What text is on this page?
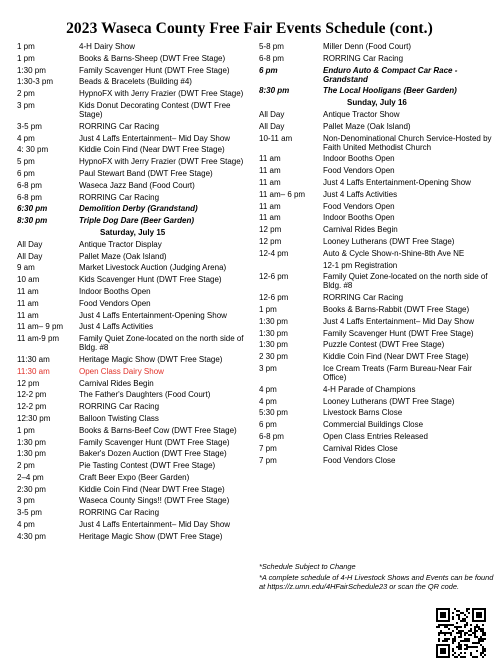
2023 Waseca County Free Fair Events Schedule (cont.)
1 pm	4-H Dairy Show
1 pm	Books & Barns-Sheep (DWT Free Stage)
1:30 pm	Family Scavenger Hunt (DWT Free Stage)
1:30-3 pm	Beads & Bracelets (Building #4)
2 pm	HypnoFX with Jerry Frazier (DWT Free Stage)
3 pm	Kids Donut Decorating Contest (DWT Free Stage)
3-5 pm	RORRING Car Racing
4 pm	Just 4 Laffs Entertainment– Mid Day Show
4: 30 pm	Kiddie Coin Find (Near DWT Free Stage)
5 pm	HypnoFX with Jerry Frazier (DWT Free Stage)
6 pm	Paul Stewart Band (DWT Free Stage)
6-8 pm	Waseca Jazz Band (Food Court)
6-8 pm	RORRING Car Racing
6:30 pm	Demolition Derby (Grandstand)
8:30 pm	Triple Dog Dare (Beer Garden)
Saturday, July 15
All Day	Antique Tractor Display
All Day	Pallet Maze (Oak Island)
9 am	Market Livestock Auction (Judging Arena)
10 am	Kids Scavenger Hunt (DWT Free Stage)
11 am	Indoor Booths Open
11 am	Food Vendors Open
11 am	Just 4 Laffs Entertainment-Opening Show
11 am– 9 pm	Just 4 Laffs Activities
11 am-9 pm	Family Quiet Zone-located on the north side of Bldg. #8
11:30 am	Heritage Magic Show (DWT Free Stage)
11:30 am	Open Class Dairy Show
12 pm	Carnival Rides Begin
12-2 pm	The Father's Daughters (Food Court)
12-2 pm	RORRING Car Racing
12:30 pm	Balloon Twisting Class
1 pm	Books & Barns-Beef Cow (DWT Free Stage)
1:30 pm	Family Scavenger Hunt (DWT Free Stage)
1:30 pm	Baker's Dozen Auction (DWT Free Stage)
2 pm	Pie Tasting Contest (DWT Free Stage)
2–4 pm	Craft Beer Expo (Beer Garden)
2:30 pm	Kiddie Coin Find (Near DWT Free Stage)
3 pm	Waseca County Sings!! (DWT Free Stage)
3-5 pm	RORRING Car Racing
4 pm	Just 4 Laffs Entertainment– Mid Day Show
4:30 pm	Heritage Magic Show (DWT Free Stage)
5-8 pm	Miller Denn (Food Court)
6-8 pm	RORRING Car Racing
6 pm	Enduro Auto & Compact Car Race -Grandstand
8:30 pm	The Local Hooligans (Beer Garden)
Sunday, July 16
All Day	Antique Tractor Show
All Day	Pallet Maze (Oak Island)
10-11 am	Non-Denominational Church Service-Hosted by Faith United Methodist Church
11 am	Indoor Booths Open
11 am	Food Vendors Open
11 am	Just 4 Laffs Entertainment-Opening Show
11 am– 6 pm	Just 4 Laffs Activities
11 am	Food Vendors Open
11 am	Indoor Booths Open
12 pm	Carnival Rides Begin
12 pm	Looney Lutherans (DWT Free Stage)
12-4 pm	Auto & Cycle Show-n-Shine-8th Ave NE
12-1 pm Registration
12-6 pm	Family Quiet Zone-located on the north side of Bldg. #8
12-6 pm	RORRING Car Racing
1 pm	Books & Barns-Rabbit (DWT Free Stage)
1:30 pm	Just 4 Laffs Entertainment– Mid Day Show
1:30 pm	Family Scavenger Hunt (DWT Free Stage)
1:30 pm	Puzzle Contest (DWT Free Stage)
2 30 pm	Kiddie Coin Find (Near DWT Free Stage)
3 pm	Ice Cream Treats (Farm Bureau-Near Fair Office)
4 pm	4-H Parade of Champions
4 pm	Looney Lutherans (DWT Free Stage)
5:30 pm	Livestock Barns Close
6 pm	Commercial Buildings Close
6-8 pm	Open Class Entries Released
7 pm	Carnival Rides Close
7 pm	Food Vendors Close

*Schedule Subject to Change

*A complete schedule of 4-H Livestock Shows and Events can be found at https://z.umn.edu/4HFairSchedule23 or scan the QR code.
